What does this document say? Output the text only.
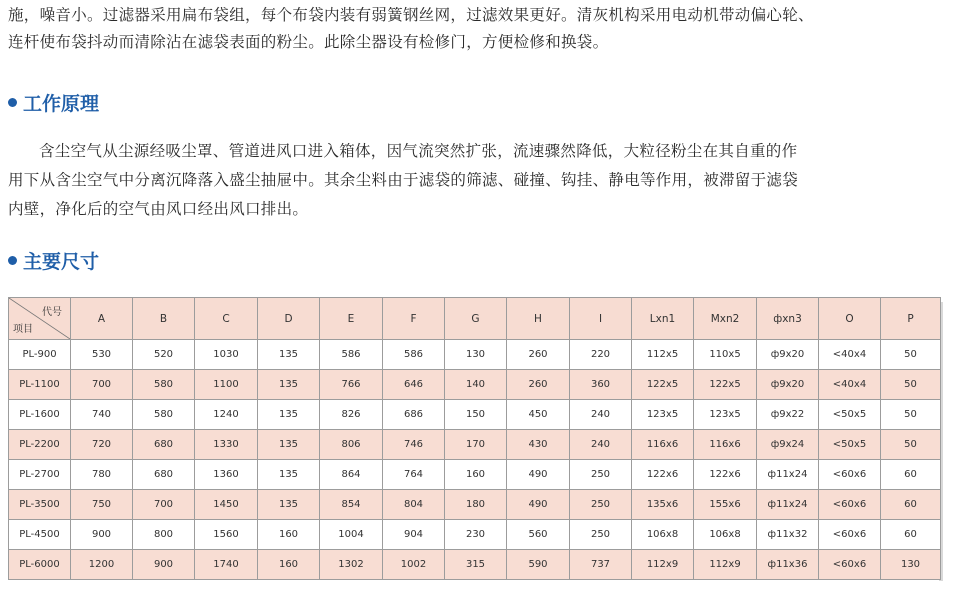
施，噪音小。过滤器采用扁布袋组，每个布袋内装有弱簧钢丝网，过滤效果更好。清灰机构采用电动机带动偏心轮、
连杆使布袋抖动而清除沾在滤袋表面的粉尘。此除尘器设有检修门，方便检修和换袋。
工作原理
含尘空气从尘源经吸尘罩、管道进风口进入箱体，因气流突然扩张，流速骤然降低，大粒径粉尘在其自重的作
用下从含尘空气中分离沉降落入盛尘抽屉中。其余尘料由于滤袋的筛滤、碰撞、钩挂、静电等作用，被滞留于滤袋
内壁，净化后的空气由风口经出风口排出。
主要尺寸
代号
项目	A	B	C	D	E	F	G	H	I	Lxn1	Mxn2	фxn3	O	P
PL-900	530	520	1030	135	586	586	130	260	220	112x5	110x5	ф9x20	<40x4	50
PL-1100	700	580	1100	135	766	646	140	260	360	122x5	122x5	ф9x20	<40x4	50
PL-1600	740	580	1240	135	826	686	150	450	240	123x5	123x5	ф9x22	<50x5	50
PL-2200	720	680	1330	135	806	746	170	430	240	116x6	116x6	ф9x24	<50x5	50
PL-2700	780	680	1360	135	864	764	160	490	250	122x6	122x6	ф11x24	<60x6	60
PL-3500	750	700	1450	135	854	804	180	490	250	135x6	155x6	ф11x24	<60x6	60
PL-4500	900	800	1560	160	1004	904	230	560	250	106x8	106x8	ф11x32	<60x6	60
PL-6000	1200	900	1740	160	1302	1002	315	590	737	112x9	112x9	ф11x36	<60x6	130
